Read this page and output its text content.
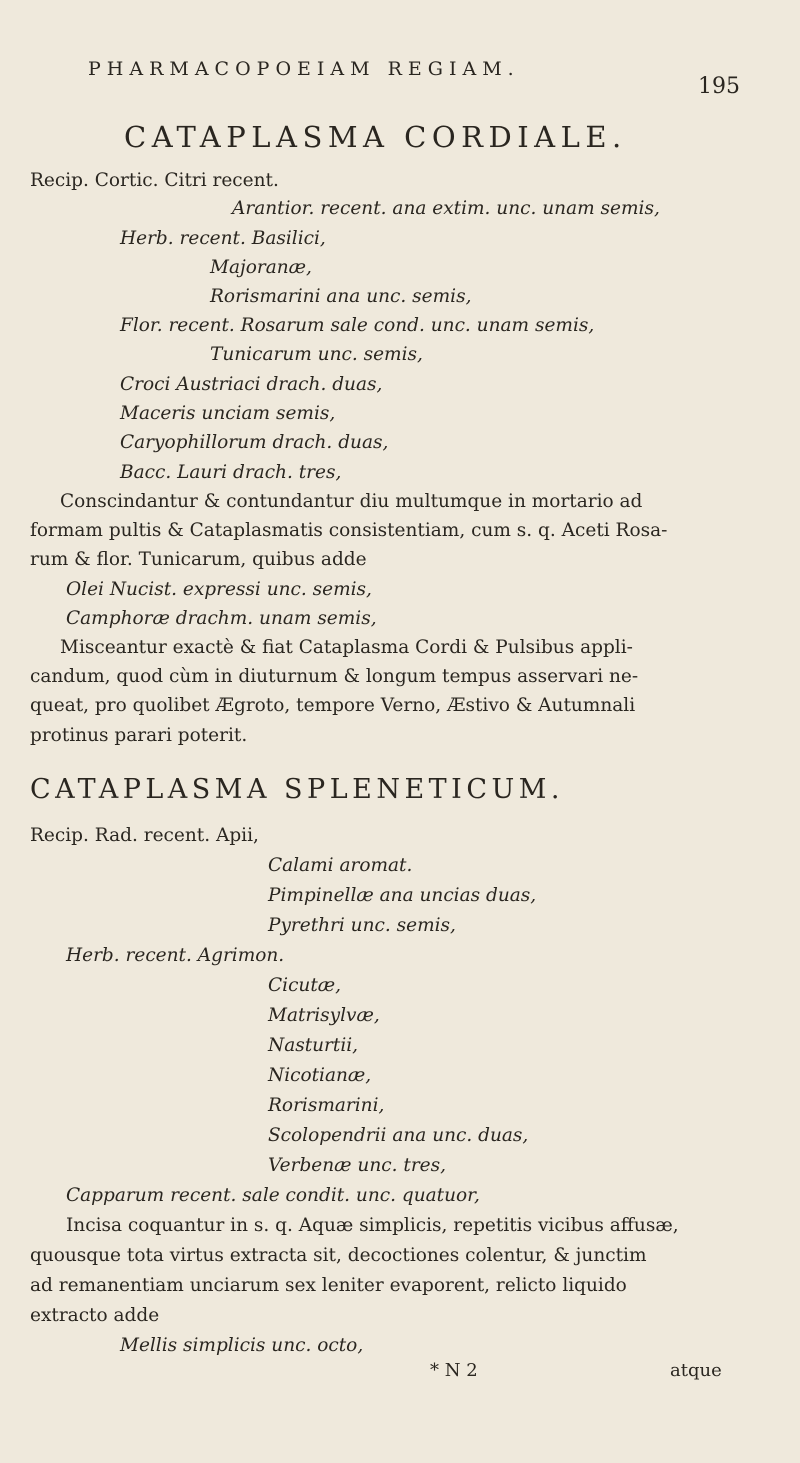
PHARMACOPOEIAM REGIAM.
195
CATAPLASMA CORDIALE.
Recip. Cortic. Citri recent.
Arantior. recent. ana extim. unc. unam semis,
Herb. recent. Basilici,
Majoranæ,
Rorismarini ana unc. semis,
Flor. recent. Rosarum sale cond. unc. unam semis,
Tunicarum unc. semis,
Croci Austriaci drach. duas,
Maceris unciam semis,
Caryophillorum drach. duas,
Bacc. Lauri drach. tres,
Conscindantur & contundantur diu multumque in mortario ad
formam pultis & Cataplasmatis consistentiam, cum s. q. Aceti Rosa-
rum & flor. Tunicarum, quibus adde
Olei Nucist. expressi unc. semis,
Camphoræ drachm. unam semis,
Misceantur exactè & fiat Cataplasma Cordi & Pulsibus appli-
candum, quod cùm in diuturnum & longum tempus asservari ne-
queat, pro quolibet Ægroto, tempore Verno, Æstivo & Autumnali
protinus parari poterit.
CATAPLASMA SPLENETICUM.
Recip. Rad. recent. Apii,
Calami aromat.
Pimpinellæ ana uncias duas,
Pyrethri unc. semis,
Herb. recent. Agrimon.
Cicutæ,
Matrisylvæ,
Nasturtii,
Nicotianæ,
Rorismarini,
Scolopendrii ana unc. duas,
Verbenæ unc. tres,
Capparum recent. sale condit. unc. quatuor,
Incisa coquantur in s. q. Aquæ simplicis, repetitis vicibus affusæ,
quousque tota virtus extracta sit, decoctiones colentur, & junctim
ad remanentiam unciarum sex leniter evaporent, relicto liquido
extracto adde
Mellis simplicis unc. octo,
* N 2	atque
